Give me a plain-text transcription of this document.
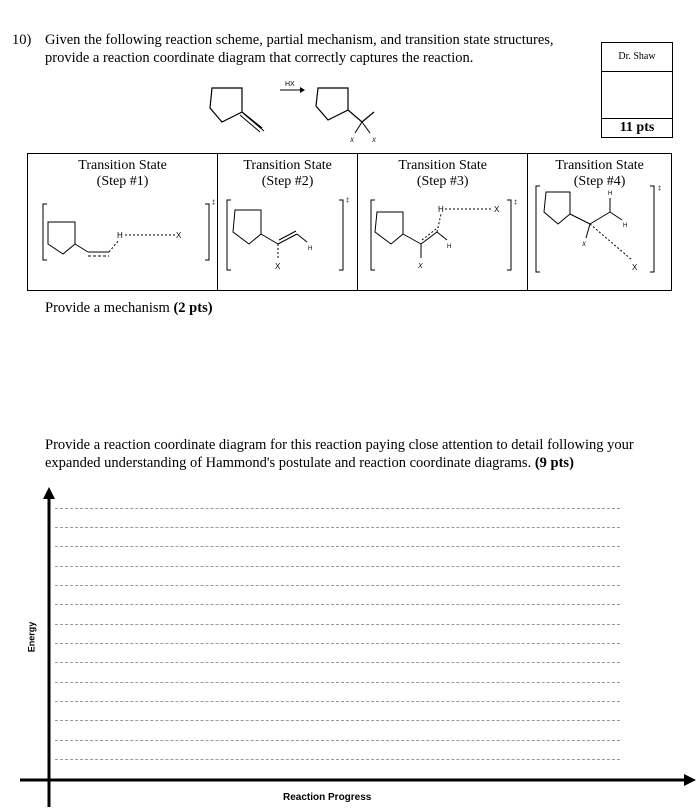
10) Given the following reaction scheme, partial mechanism, and transition state structures,
provide a reaction coordinate diagram that correctly captures the reaction.	Dr. Shaw
11 pts
HX
X	X
Transition State
(Step #1)
H	X
‡

Transition State
(Step #2)
H
X
‡

Transition State
(Step #3)
H
H	X
X
‡

Transition State
(Step #4)
H
H
X
X
‡
Provide a mechanism (2 pts)
Provide a reaction coordinate diagram for this reaction paying close attention to detail following your
expanded understanding of Hammond's postulate and reaction coordinate diagrams. (9 pts)
Energy
Reaction Progress
